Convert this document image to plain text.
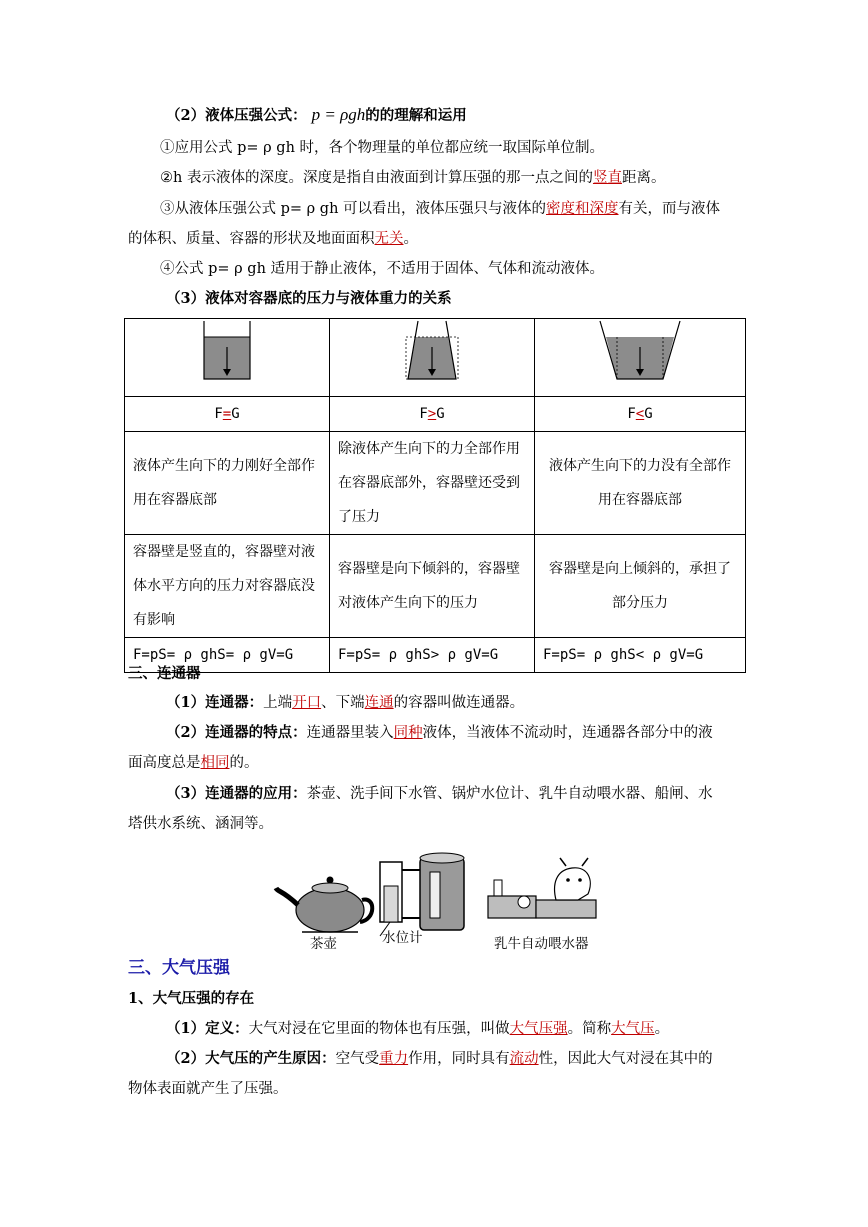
（2）液体压强公式： p = ρgh的的理解和运用
①应用公式 p= ρ gh 时，各个物理量的单位都应统一取国际单位制。
②h 表示液体的深度。深度是指自由液面到计算压强的那一点之间的竖直距离。
③从液体压强公式 p= ρ gh 可以看出，液体压强只与液体的密度和深度有关，而与液体
的体积、质量、容器的形状及地面面积无关。
④公式 p= ρ gh 适用于静止液体，不适用于固体、气体和流动液体。
（3）液体对容器底的压力与液体重力的关系

F=G	F>G	F<G
液体产生向下的力刚好全部作用在容器底部	除液体产生向下的力全部作用在容器底部外，容器壁还受到了压力	液体产生向下的力没有全部作用在容器底部
容器壁是竖直的，容器壁对液体水平方向的压力对容器底没有影响	容器壁是向下倾斜的，容器壁对液体产生向下的压力	容器壁是向上倾斜的，承担了部分压力
F=pS= ρ ghS= ρ gV=G	F=pS= ρ ghS> ρ gV=G	F=pS= ρ ghS< ρ gV=G
三、连通器
（1）连通器：上端开口、下端连通的容器叫做连通器。
（2）连通器的特点：连通器里装入同种液体，当液体不流动时，连通器各部分中的液
面高度总是相同的。
（3）连通器的应用：茶壶、洗手间下水管、锅炉水位计、乳牛自动喂水器、船闸、水
塔供水系统、涵洞等。
茶壶	水位计	乳牛自动喂水器
三、大气压强
1、大气压强的存在
（1）定义：大气对浸在它里面的物体也有压强，叫做大气压强。简称大气压。
（2）大气压的产生原因：空气受重力作用，同时具有流动性，因此大气对浸在其中的
物体表面就产生了压强。
